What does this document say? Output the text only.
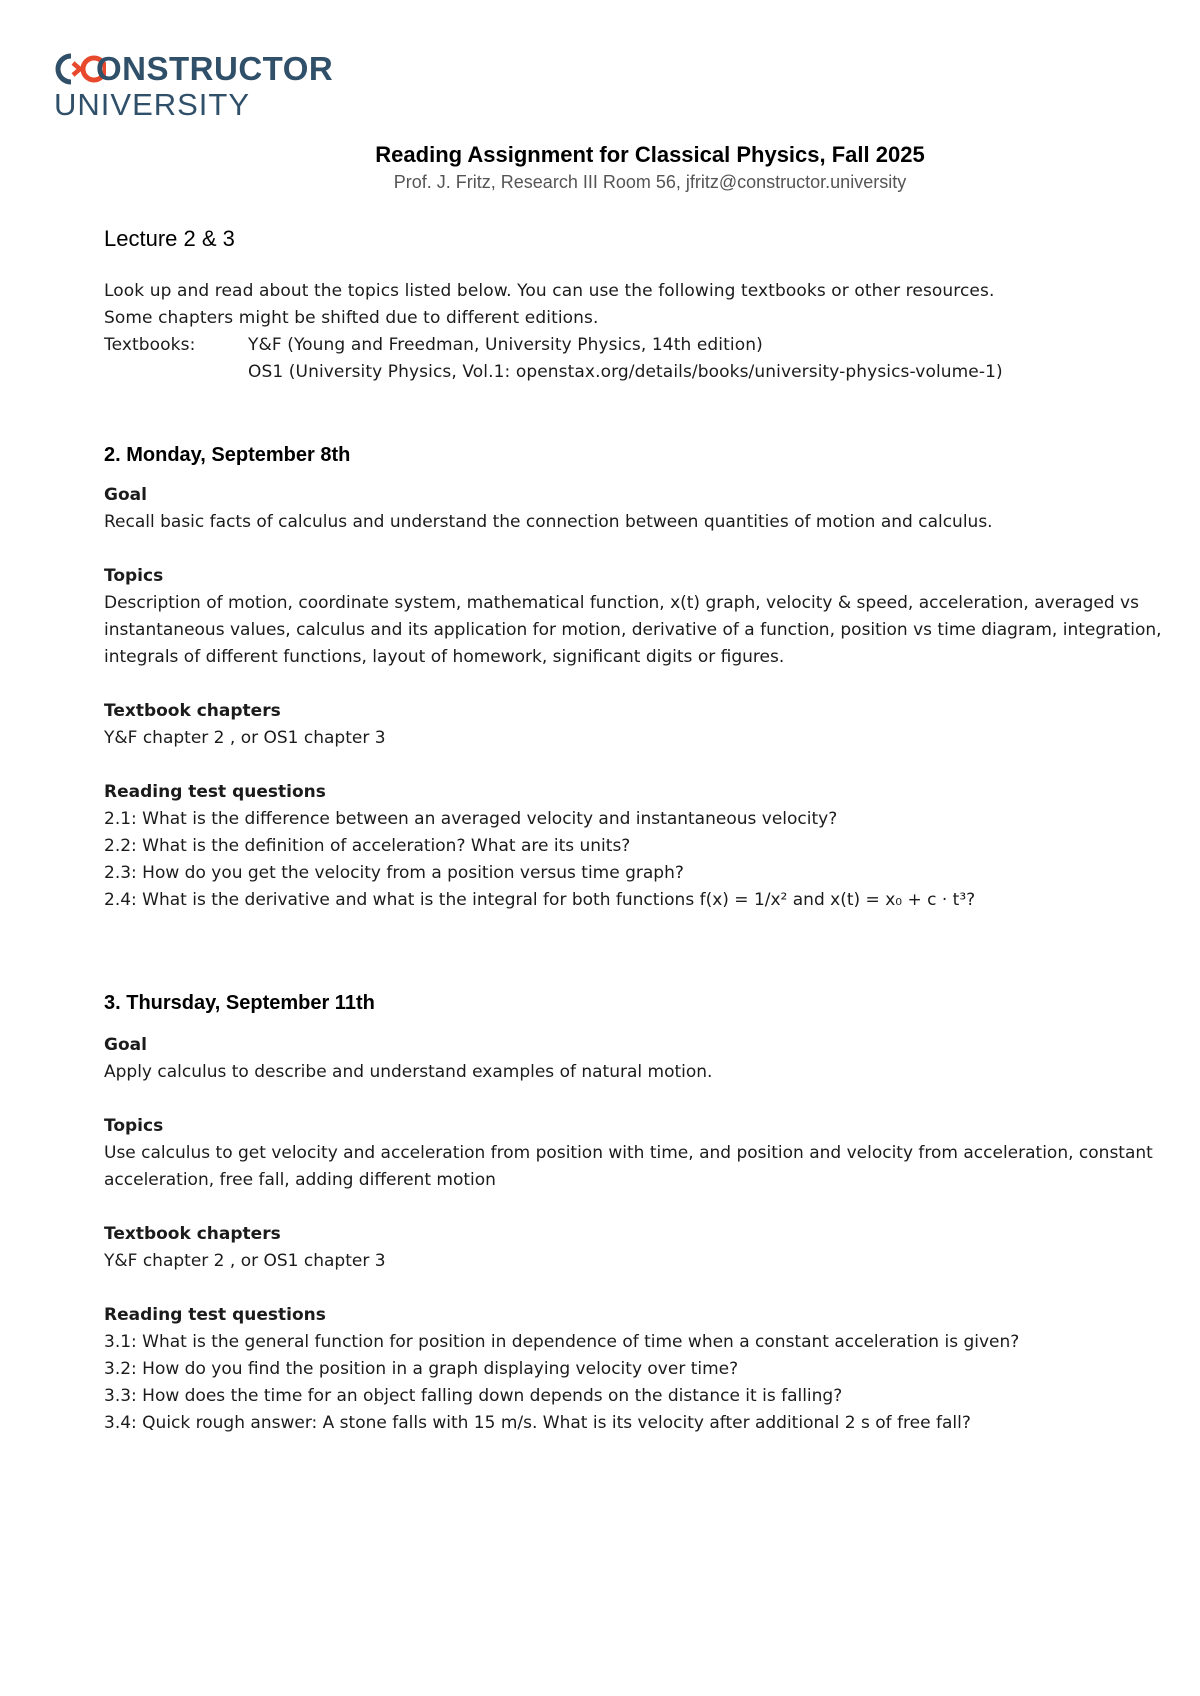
ONSTRUCTOR
UNIVERSITY
Reading Assignment for Classical Physics, Fall 2025
Prof. J. Fritz, Research III Room 56, jfritz@constructor.university
Lecture 2 & 3

Look up and read about the topics listed below. You can use the following textbooks or other resources.

Some chapters might be shifted due to different editions.

Textbooks:	Y&F (Young and Freedman, University Physics, 14th edition)
OS1 (University Physics, Vol.1: openstax.org/details/books/university-physics-volume-1)
2. Monday, September 8th

Goal

Recall basic facts of calculus and understand the connection between quantities of motion and calculus.

Topics

Description of motion, coordinate system, mathematical function, x(t) graph, velocity & speed, acceleration, averaged vs instantaneous values, calculus and its application for motion, derivative of a function, position vs time diagram, integration, integrals of different functions, layout of homework, significant digits or figures.

Textbook chapters

Y&F chapter 2 , or OS1 chapter 3

Reading test questions

2.1: What is the difference between an averaged velocity and instantaneous velocity?

2.2: What is the definition of acceleration? What are its units?

2.3: How do you get the velocity from a position versus time graph?

2.4: What is the derivative and what is the integral for both functions f(x) = 1/x² and x(t) = x₀ + c · t³?

3. Thursday, September 11th

Goal

Apply calculus to describe and understand examples of natural motion.

Topics

Use calculus to get velocity and acceleration from position with time, and position and velocity from acceleration, constant acceleration, free fall, adding different motion

Textbook chapters

Y&F chapter 2 , or OS1 chapter 3

Reading test questions

3.1: What is the general function for position in dependence of time when a constant acceleration is given?

3.2: How do you find the position in a graph displaying velocity over time?

3.3: How does the time for an object falling down depends on the distance it is falling?

3.4: Quick rough answer: A stone falls with 15 m/s. What is its velocity after additional 2 s of free fall?
